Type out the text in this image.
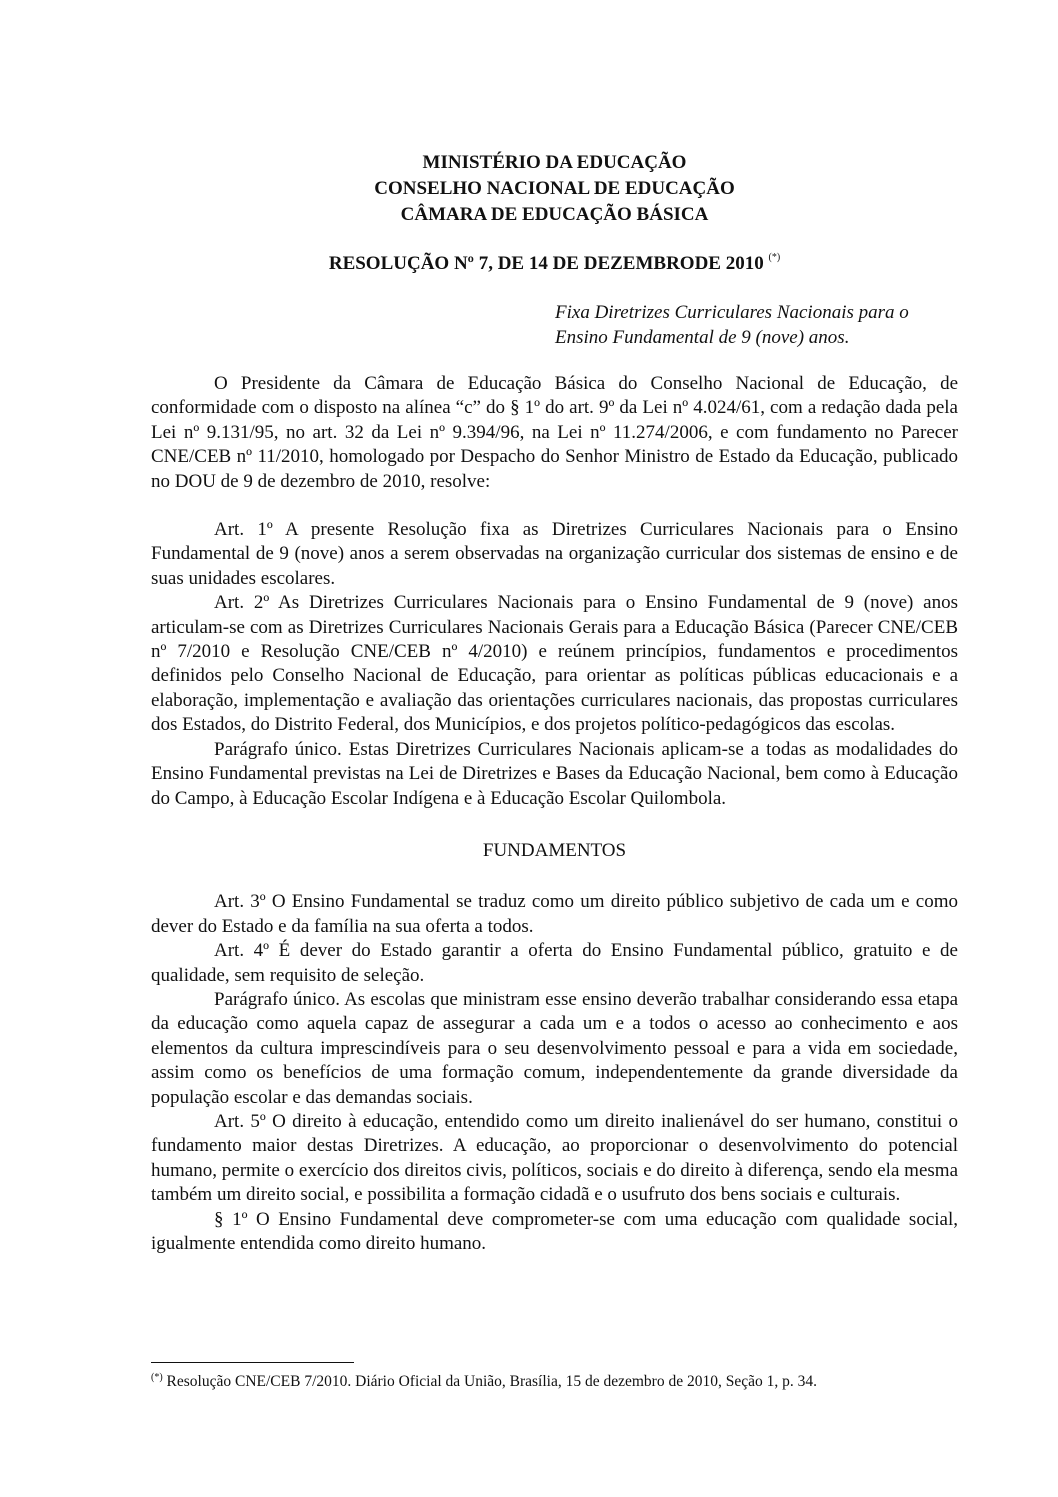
MINISTÉRIO DA EDUCAÇÃO
CONSELHO NACIONAL DE EDUCAÇÃO
CÂMARA DE EDUCAÇÃO BÁSICA
RESOLUÇÃO Nº 7, DE 14 DE DEZEMBRODE 2010 (*)
Fixa Diretrizes Curriculares Nacionais para o
Ensino Fundamental de 9 (nove) anos.

O Presidente da Câmara de Educação Básica do Conselho Nacional de Educação, de conformidade com o disposto na alínea “c” do § 1º do art. 9º da Lei nº 4.024/61, com a redação dada pela Lei nº 9.131/95, no art. 32 da Lei nº 9.394/96, na Lei nº 11.274/2006, e com fundamento no Parecer CNE/CEB nº 11/2010, homologado por Despacho do Senhor Ministro de Estado da Educação, publicado no DOU de 9 de dezembro de 2010, resolve:

Art. 1º A presente Resolução fixa as Diretrizes Curriculares Nacionais para o Ensino Fundamental de 9 (nove) anos a serem observadas na organização curricular dos sistemas de ensino e de suas unidades escolares.

Art. 2º As Diretrizes Curriculares Nacionais para o Ensino Fundamental de 9 (nove) anos articulam-se com as Diretrizes Curriculares Nacionais Gerais para a Educação Básica (Parecer CNE/CEB nº 7/2010 e Resolução CNE/CEB nº 4/2010) e reúnem princípios, fundamentos e procedimentos definidos pelo Conselho Nacional de Educação, para orientar as políticas públicas educacionais e a elaboração, implementação e avaliação das orientações curriculares nacionais, das propostas curriculares dos Estados, do Distrito Federal, dos Municípios, e dos projetos político-pedagógicos das escolas.

Parágrafo único. Estas Diretrizes Curriculares Nacionais aplicam-se a todas as modalidades do Ensino Fundamental previstas na Lei de Diretrizes e Bases da Educação Nacional, bem como à Educação do Campo, à Educação Escolar Indígena e à Educação Escolar Quilombola.

FUNDAMENTOS

Art. 3º O Ensino Fundamental se traduz como um direito público subjetivo de cada um e como dever do Estado e da família na sua oferta a todos.

Art. 4º É dever do Estado garantir a oferta do Ensino Fundamental público, gratuito e de qualidade, sem requisito de seleção.

Parágrafo único. As escolas que ministram esse ensino deverão trabalhar considerando essa etapa da educação como aquela capaz de assegurar a cada um e a todos o acesso ao conhecimento e aos elementos da cultura imprescindíveis para o seu desenvolvimento pessoal e para a vida em sociedade, assim como os benefícios de uma formação comum, independentemente da grande diversidade da população escolar e das demandas sociais.

Art. 5º O direito à educação, entendido como um direito inalienável do ser humano, constitui o fundamento maior destas Diretrizes. A educação, ao proporcionar o desenvolvimento do potencial humano, permite o exercício dos direitos civis, políticos, sociais e do direito à diferença, sendo ela mesma também um direito social, e possibilita a formação cidadã e o usufruto dos bens sociais e culturais.

§ 1º O Ensino Fundamental deve comprometer-se com uma educação com qualidade social, igualmente entendida como direito humano.

(*) Resolução CNE/CEB 7/2010. Diário Oficial da União, Brasília, 15 de dezembro de 2010, Seção 1, p. 34.
